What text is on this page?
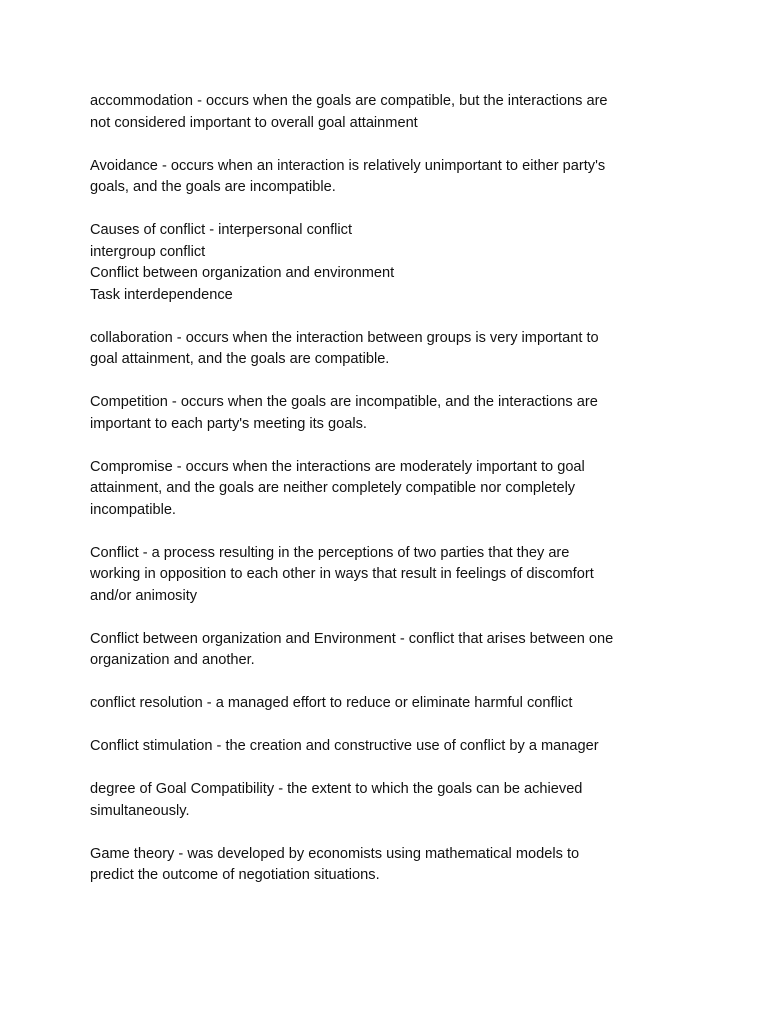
accommodation - occurs when the goals are compatible, but the interactions are
not considered important to overall goal attainment

Avoidance - occurs when an interaction is relatively unimportant to either party's
goals, and the goals are incompatible.

Causes of conflict - interpersonal conflict
intergroup conflict
Conflict between organization and environment
Task interdependence

collaboration - occurs when the interaction between groups is very important to
goal attainment, and the goals are compatible.

Competition - occurs when the goals are incompatible, and the interactions are
important to each party's meeting its goals.

Compromise - occurs when the interactions are moderately important to goal
attainment, and the goals are neither completely compatible nor completely
incompatible.

Conflict - a process resulting in the perceptions of two parties that they are
working in opposition to each other in ways that result in feelings of discomfort
and/or animosity

Conflict between organization and Environment - conflict that arises between one
organization and another.

conflict resolution - a managed effort to reduce or eliminate harmful conflict

Conflict stimulation - the creation and constructive use of conflict by a manager

degree of Goal Compatibility - the extent to which the goals can be achieved
simultaneously.

Game theory - was developed by economists using mathematical models to
predict the outcome of negotiation situations.
